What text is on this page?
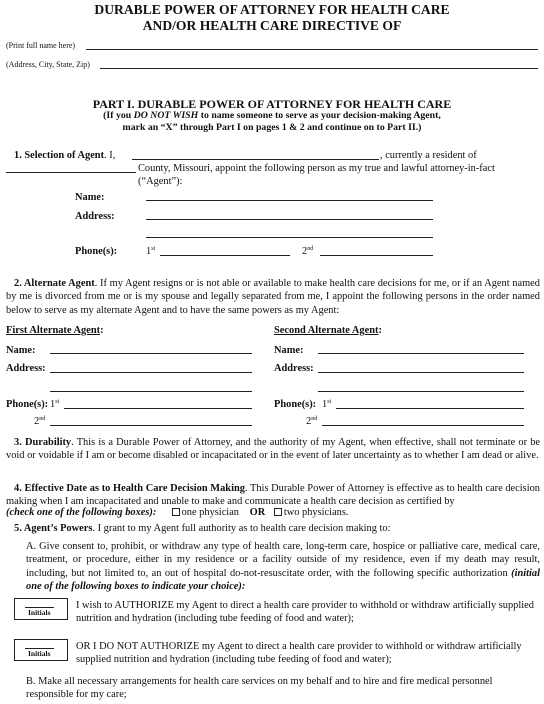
DURABLE POWER OF ATTORNEY FOR HEALTH CARE
AND/OR HEALTH CARE DIRECTIVE OF
(Print full name here)
(Address, City, State, Zip)
PART I. DURABLE POWER OF ATTORNEY FOR HEALTH CARE
(If you DO NOT WISH to name someone to serve as your decision-making Agent,
mark an “X” through Part I on pages 1 & 2 and continue on to Part II.)
1. Selection of Agent. I,	, currently a resident of
County, Missouri, appoint the following person as my true and lawful attorney-in-fact (“Agent”):
Name:
Address:
Phone(s):	1st	2nd
2. Alternate Agent. If my Agent resigns or is not able or available to make health care decisions for me, or if an Agent named by me is divorced from me or is my spouse and legally separated from me, I appoint the following persons in the order named below to serve as my alternate Agent and to have the same powers as my Agent:
First Alternate Agent:	Second Alternate Agent:
Name:	Name:
Address:	Address:
Phone(s): 1st	Phone(s): 1st
2nd	2nd
3. Durability. This is a Durable Power of Attorney, and the authority of my Agent, when effective, shall not terminate or be void or voidable if I am or become disabled or incapacitated or in the event of later uncertainty as to whether I am dead or alive.
4. Effective Date as to Health Care Decision Making. This Durable Power of Attorney is effective as to health care decision making when I am incapacitated and unable to make and communicate a health care decision as certified by
(check one of the following boxes): one physician OR two physicians.
5. Agent’s Powers. I grant to my Agent full authority as to health care decision making to:
A. Give consent to, prohibit, or withdraw any type of health care, long-term care, hospice or palliative care, medical care, treatment, or procedure, either in my residence or a facility outside of my residence, even if my death may result, including, but not limited to, an out of hospital do-not-resuscitate order, with the following specific authorization (initial one of the following boxes to indicate your choice):
Initials
I wish to AUTHORIZE my Agent to direct a health care provider to withhold or withdraw artificially supplied nutrition and hydration (including tube feeding of food and water);
Initials
OR I DO NOT AUTHORIZE my Agent to direct a health care provider to withhold or withdraw artificially supplied nutrition and hydration (including tube feeding of food and water);
B. Make all necessary arrangements for health care services on my behalf and to hire and fire medical personnel responsible for my care;
